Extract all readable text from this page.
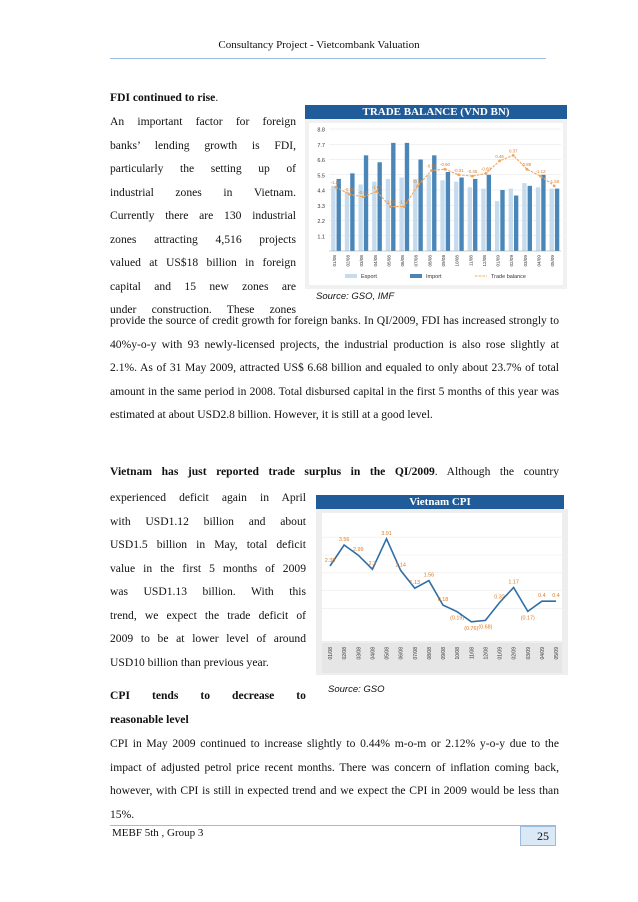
Consultancy Project - Vietcombank Valuation
FDI continued to rise.
An important factor for foreign
banks’ lending growth is FDI,
particularly the setting up of
industrial zones in Vietnam.
Currently there are 130 industrial
zones attracting 4,516 projects
valued at US$18 billion in foreign
capital and 15 new zones are
under construction. These zones
TRADE BALANCE (VND BN)
-1.82
-0.83
-0.80
-1.07
-1.85 -1.52
-0.76
-0.93 -0.60
-0.31 -0.45
-0.60
0.46
0.37
0.89
-1.12
-1.50
8.8
7.7
6.6
5.5
4.4
3.3
2.2
1.1
01/08 02/08 03/08 04/08 05/08 06/08 07/08 08/08 09/08 10/08 11/08 12/08 01/09 02/09 03/09 04/09 05/09
Export	Import	Trade balance
Source: GSO, IMF
provide the source of credit growth for foreign banks. In QI/2009, FDI has increased strongly to 40%y-o-y with 93 newly-licensed projects, the industrial production is also rose slightly at 2.1%. As of 31 May 2009, attracted US$ 6.68 billion and equaled to only about 23.7% of total amount in the same period in 2008. Total disbursed capital in the first 5 months of this year was estimated at about USD2.8 billion. However, it is still at a good level.
Vietnam has just reported trade surplus in the QI/2009. Although the country
experienced deficit again in April
with USD1.12 billion and about
USD1.5 billion in May, total deficit
value in the first 5 months of 2009
was USD1.13 billion. With this
trend, we expect the trade deficit of
2009 to be at lower level of around
USD10 billion than previous year.
Vietnam CPI
2.38
3.56
2.99
2.2
3.91
2.14
1.13
1.56
0.18
(0.19)
(0.76) (0.68)
0.32
1.17
(0.17)
0.4 0.4
01/08 02/08 03/08 04/08 05/08 06/08 07/08 08/08 09/08 10/08 11/08 12/08 01/09 02/09 03/09 04/09 05/09
Source: GSO
CPI tends to decrease to
reasonable level
CPI in May 2009 continued to increase slightly to 0.44% m-o-m or 2.12% y-o-y due to the impact of adjusted petrol price recent months. There was concern of inflation coming back, however, with CPI is still in expected trend and we expect the CPI in 2009 would be less than 15%.
MEBF 5th , Group 3	25
